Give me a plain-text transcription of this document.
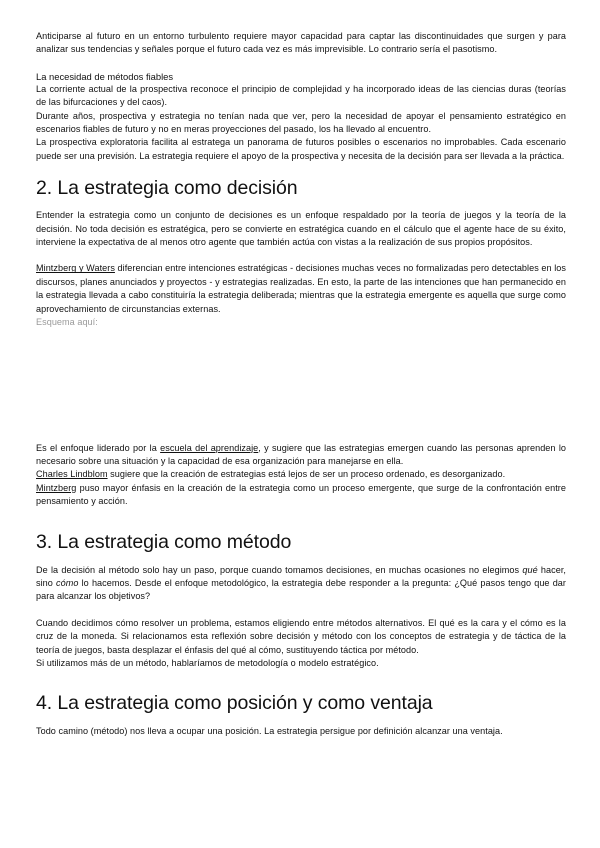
Anticiparse al futuro en un entorno turbulento requiere mayor capacidad para captar las discontinuidades que surgen y para analizar sus tendencias y señales porque el futuro cada vez es más imprevisible. Lo contrario sería el pasotismo.

La necesidad de métodos fiables

La corriente actual de la prospectiva reconoce el principio de complejidad y ha incorporado ideas de las ciencias duras (teorías de las bifurcaciones y del caos).

Durante años, prospectiva y estrategia no tenían nada que ver, pero la necesidad de apoyar el pensamiento estratégico en escenarios fiables de futuro y no en meras proyecciones del pasado, los ha llevado al encuentro.

La prospectiva exploratoria facilita al estratega un panorama de futuros posibles o escenarios no improbables. Cada escenario puede ser una previsión. La estrategia requiere el apoyo de la prospectiva y necesita de la decisión para ser llevada a la práctica.

2. La estrategia como decisión

Entender la estrategia como un conjunto de decisiones es un enfoque respaldado por la teoría de juegos y la teoría de la decisión. No toda decisión es estratégica, pero se convierte en estratégica cuando en el cálculo que el agente hace de su éxito, interviene la expectativa de al menos otro agente que también actúa con vistas a la realización de sus propios propósitos.

Mintzberg y Waters diferencian entre intenciones estratégicas - decisiones muchas veces no formalizadas pero detectables en los discursos, planes anunciados y proyectos - y estrategias realizadas. En esto, la parte de las intenciones que han permanecido en la estrategia llevada a cabo constituiría la estrategia deliberada; mientras que la estrategia emergente es aquella que surge como aprovechamiento de circunstancias externas.

Esquema aquí:

Es el enfoque liderado por la escuela del aprendizaje, y sugiere que las estrategias emergen cuando las personas aprenden lo necesario sobre una situación y la capacidad de esa organización para manejarse en ella.

Charles Lindblom sugiere que la creación de estrategias está lejos de ser un proceso ordenado, es desorganizado.

Mintzberg puso mayor énfasis en la creación de la estrategia como un proceso emergente, que surge de la confrontación entre pensamiento y acción.

3. La estrategia como método

De la decisión al método solo hay un paso, porque cuando tomamos decisiones, en muchas ocasiones no elegimos qué hacer, sino cómo lo hacemos. Desde el enfoque metodológico, la estrategia debe responder a la pregunta: ¿Qué pasos tengo que dar para alcanzar los objetivos?

Cuando decidimos cómo resolver un problema, estamos eligiendo entre métodos alternativos. El qué es la cara y el cómo es la cruz de la moneda. Si relacionamos esta reflexión sobre decisión y método con los conceptos de estrategia y de táctica de la teoría de juegos, basta desplazar el énfasis del qué al cómo, sustituyendo táctica por método.

Si utilizamos más de un método, hablaríamos de metodología o modelo estratégico.

4. La estrategia como posición y como ventaja

Todo camino (método) nos lleva a ocupar una posición. La estrategia persigue por definición alcanzar una ventaja.
